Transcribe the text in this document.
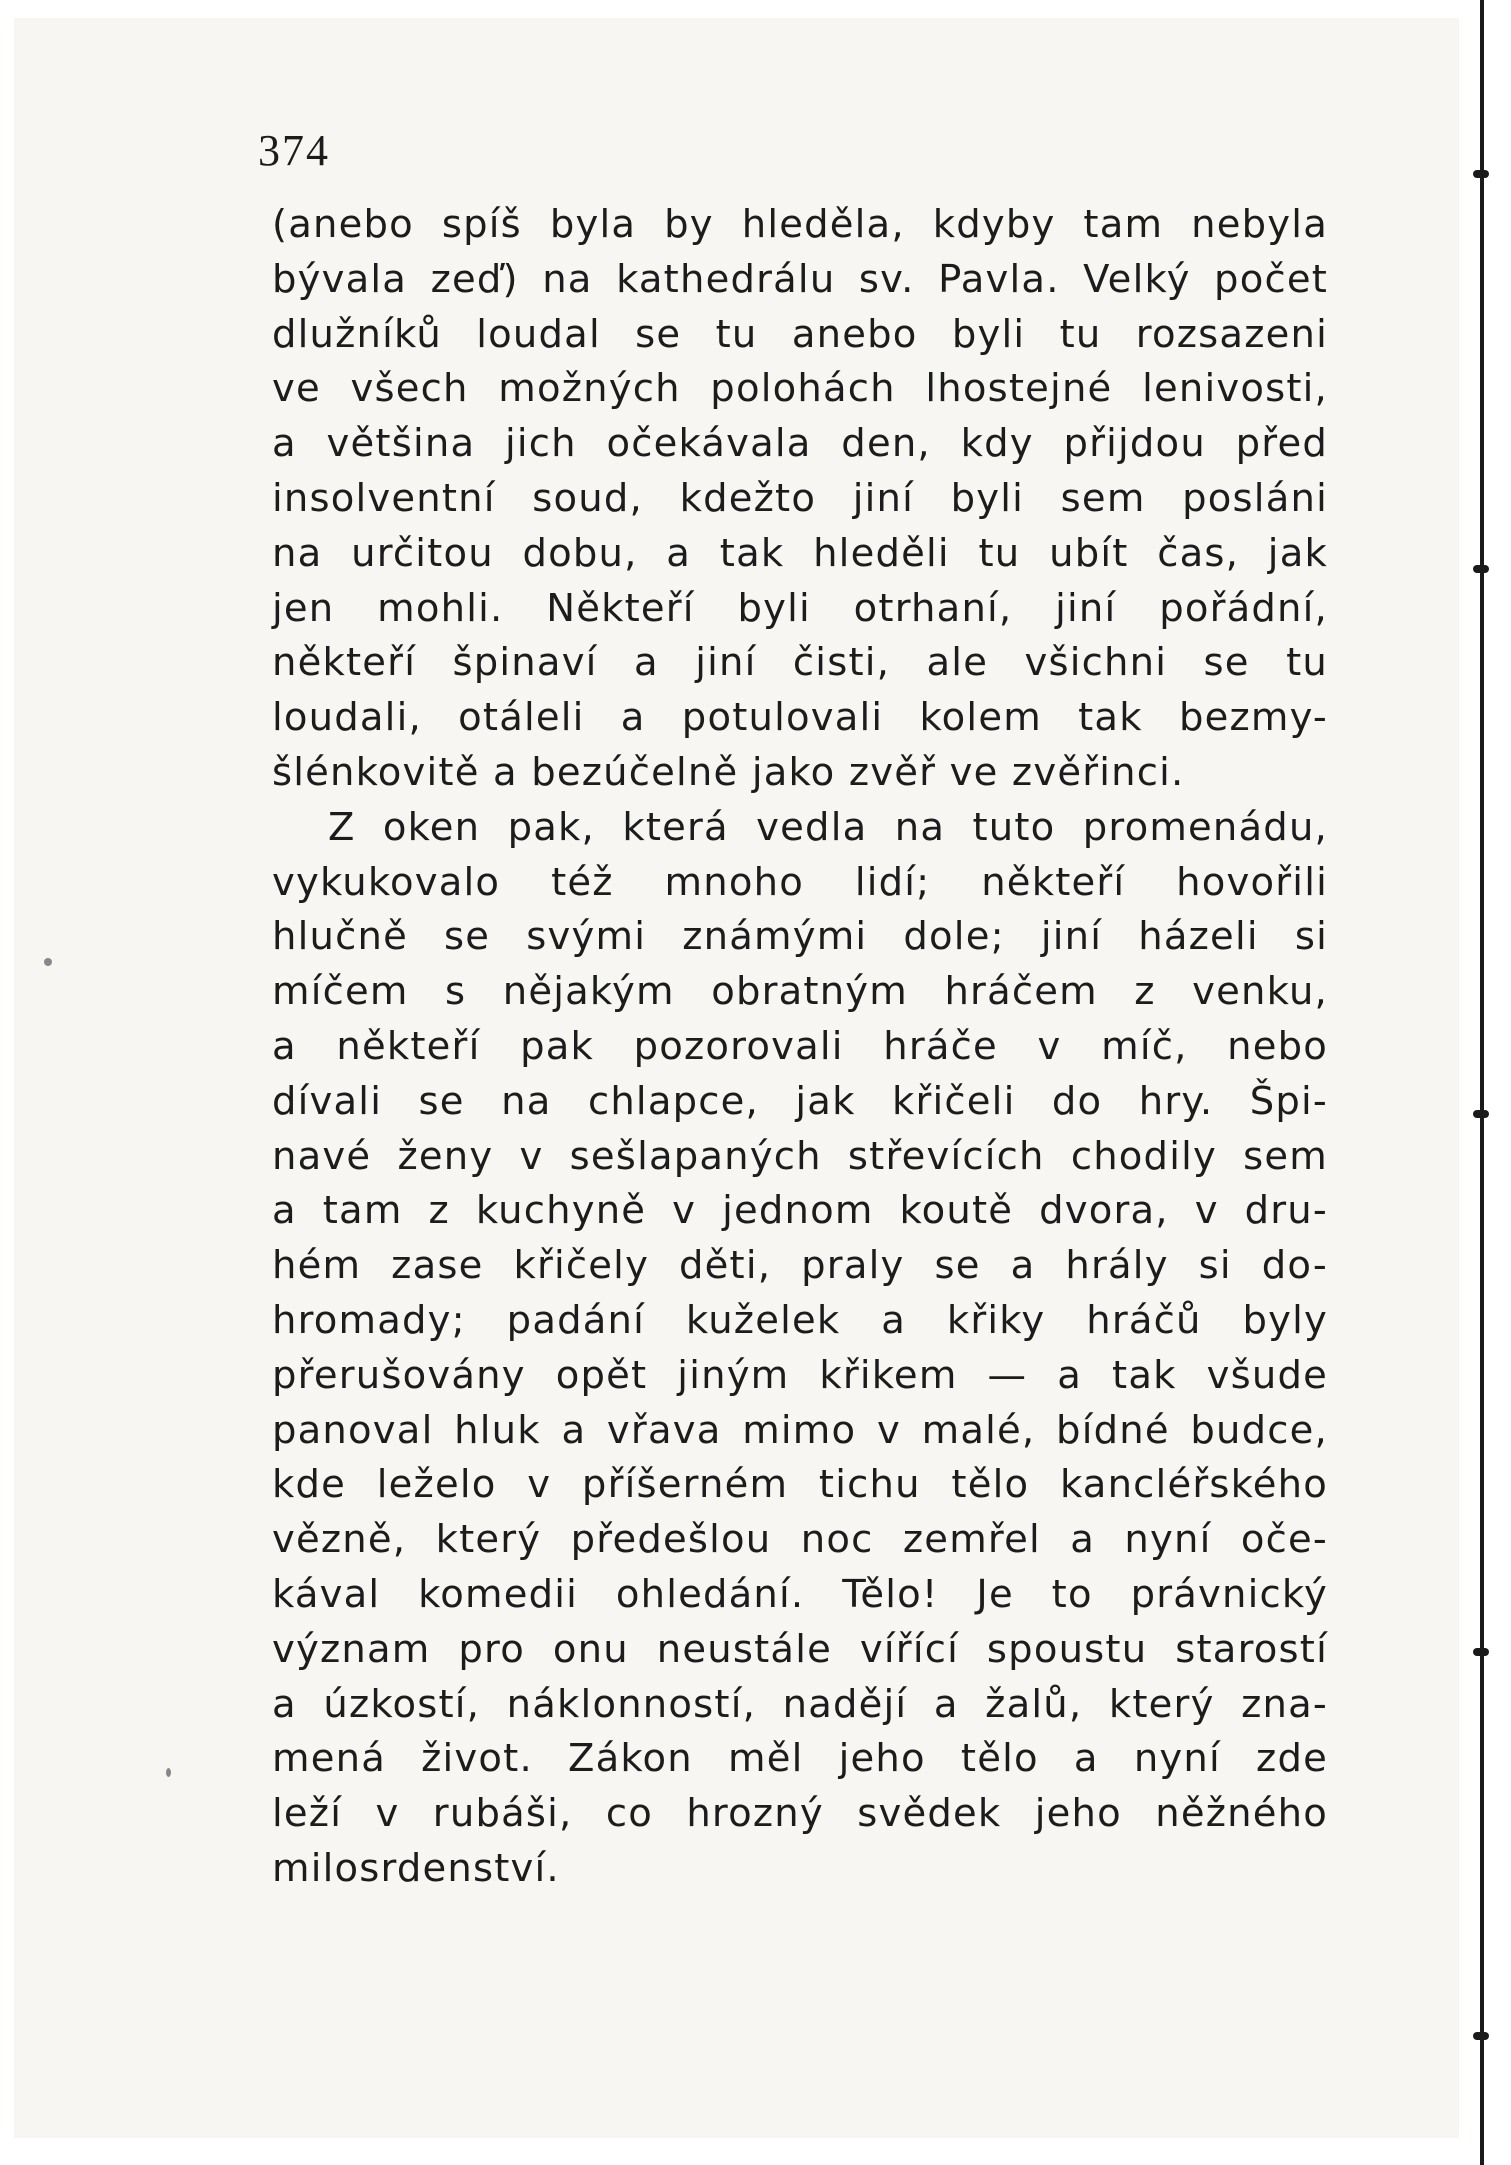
374
(anebo spíš byla by hleděla, kdyby tam nebyla
bývala zeď) na kathedrálu sv. Pavla. Velký počet
dlužníků loudal se tu anebo byli tu rozsazeni
ve všech možných polohách lhostejné lenivosti,
a většina jich očekávala den, kdy přijdou před
insolventní soud, kdežto jiní byli sem posláni
na určitou dobu, a tak hleděli tu ubít čas, jak
jen mohli. Někteří byli otrhaní, jiní pořádní,
někteří špinaví a jiní čisti, ale všichni se tu
loudali, otáleli a potulovali kolem tak bezmy-
šlénkovitě a bezúčelně jako zvěř ve zvěřinci.
Z oken pak, která vedla na tuto promenádu,
vykukovalo též mnoho lidí; někteří hovořili
hlučně se svými známými dole; jiní házeli si
míčem s nějakým obratným hráčem z venku,
a někteří pak pozorovali hráče v míč, nebo
dívali se na chlapce, jak křičeli do hry. Špi-
navé ženy v sešlapaných střevících chodily sem
a tam z kuchyně v jednom koutě dvora, v dru-
hém zase křičely děti, praly se a hrály si do-
hromady; padání kuželek a křiky hráčů byly
přerušovány opět jiným křikem — a tak všude
panoval hluk a vřava mimo v malé, bídné budce,
kde leželo v příšerném tichu tělo kancléřského
vězně, který předešlou noc zemřel a nyní oče-
kával komedii ohledání. Tělo! Je to právnický
význam pro onu neustále vířící spoustu starostí
a úzkostí, náklonností, nadějí a žalů, který zna-
mená život. Zákon měl jeho tělo a nyní zde
leží v rubáši, co hrozný svědek jeho něžného
milosrdenství.
